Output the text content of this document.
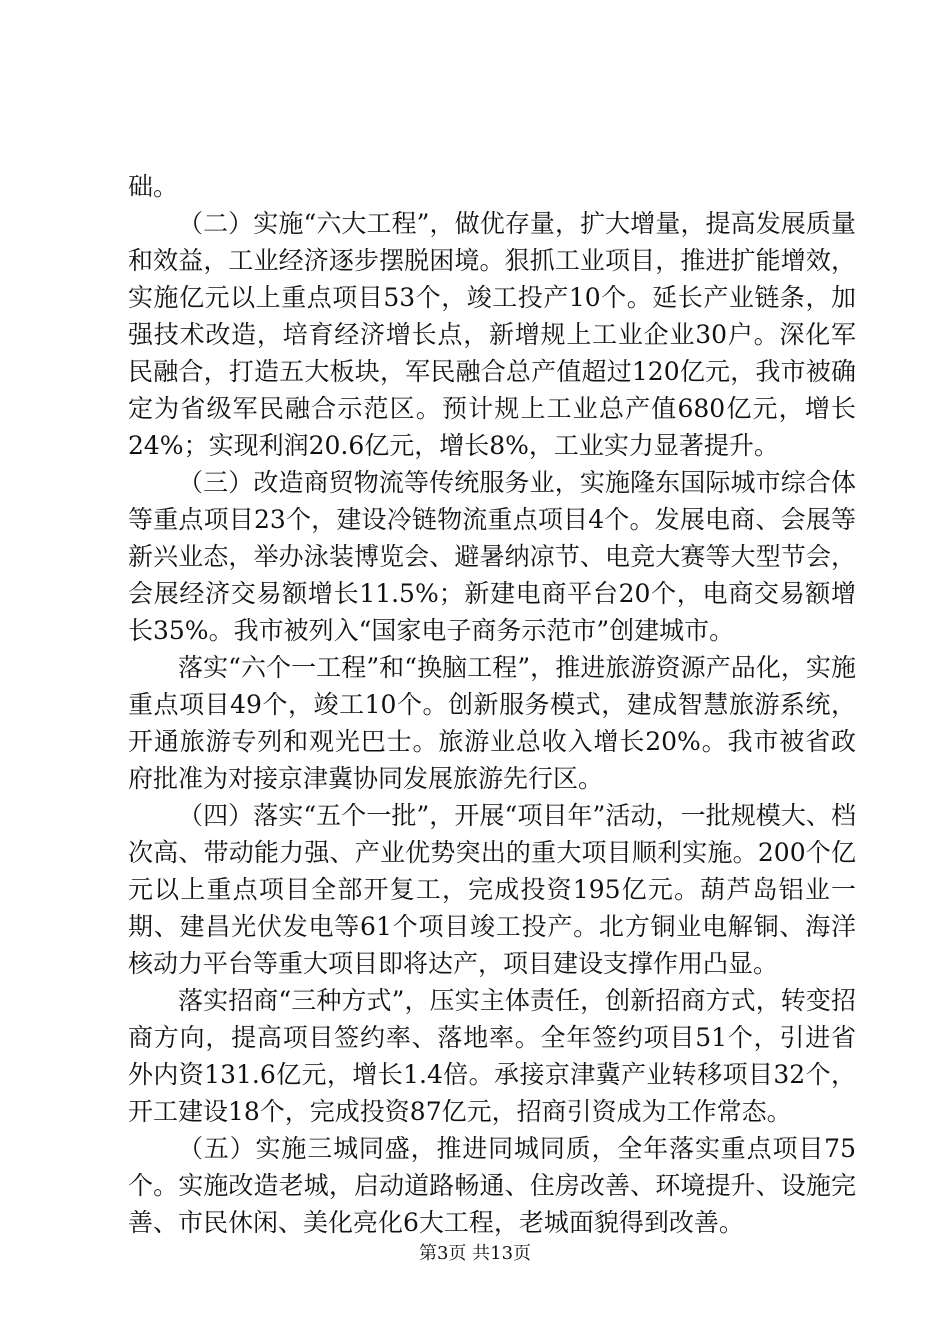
础。

（二）实施“六大工程”，做优存量，扩大增量，提高发展质量和效益，工业经济逐步摆脱困境。狠抓工业项目，推进扩能增效，实施亿元以上重点项目53个，竣工投产10个。延长产业链条，加强技术改造，培育经济增长点，新增规上工业企业30户。深化军民融合，打造五大板块，军民融合总产值超过120亿元，我市被确定为省级军民融合示范区。预计规上工业总产值680亿元，增长24%；实现利润20.6亿元，增长8%，工业实力显著提升。

（三）改造商贸物流等传统服务业，实施隆东国际城市综合体等重点项目23个，建设冷链物流重点项目4个。发展电商、会展等新兴业态，举办泳装博览会、避暑纳凉节、电竞大赛等大型节会，会展经济交易额增长11.5%；新建电商平台20个，电商交易额增长35%。我市被列入“国家电子商务示范市”创建城市。

落实“六个一工程”和“换脑工程”，推进旅游资源产品化，实施重点项目49个，竣工10个。创新服务模式，建成智慧旅游系统，开通旅游专列和观光巴士。旅游业总收入增长20%。我市被省政府批准为对接京津冀协同发展旅游先行区。

（四）落实“五个一批”，开展“项目年”活动，一批规模大、档次高、带动能力强、产业优势突出的重大项目顺利实施。200个亿元以上重点项目全部开复工，完成投资195亿元。葫芦岛铝业一期、建昌光伏发电等61个项目竣工投产。北方铜业电解铜、海洋核动力平台等重大项目即将达产，项目建设支撑作用凸显。

落实招商“三种方式”，压实主体责任，创新招商方式，转变招商方向，提高项目签约率、落地率。全年签约项目51个，引进省外内资131.6亿元，增长1.4倍。承接京津冀产业转移项目32个，开工建设18个，完成投资87亿元，招商引资成为工作常态。

（五）实施三城同盛，推进同城同质，全年落实重点项目75个。实施改造老城，启动道路畅通、住房改善、环境提升、设施完善、市民休闲、美化亮化6大工程，老城面貌得到改善。

第3页 共13页
